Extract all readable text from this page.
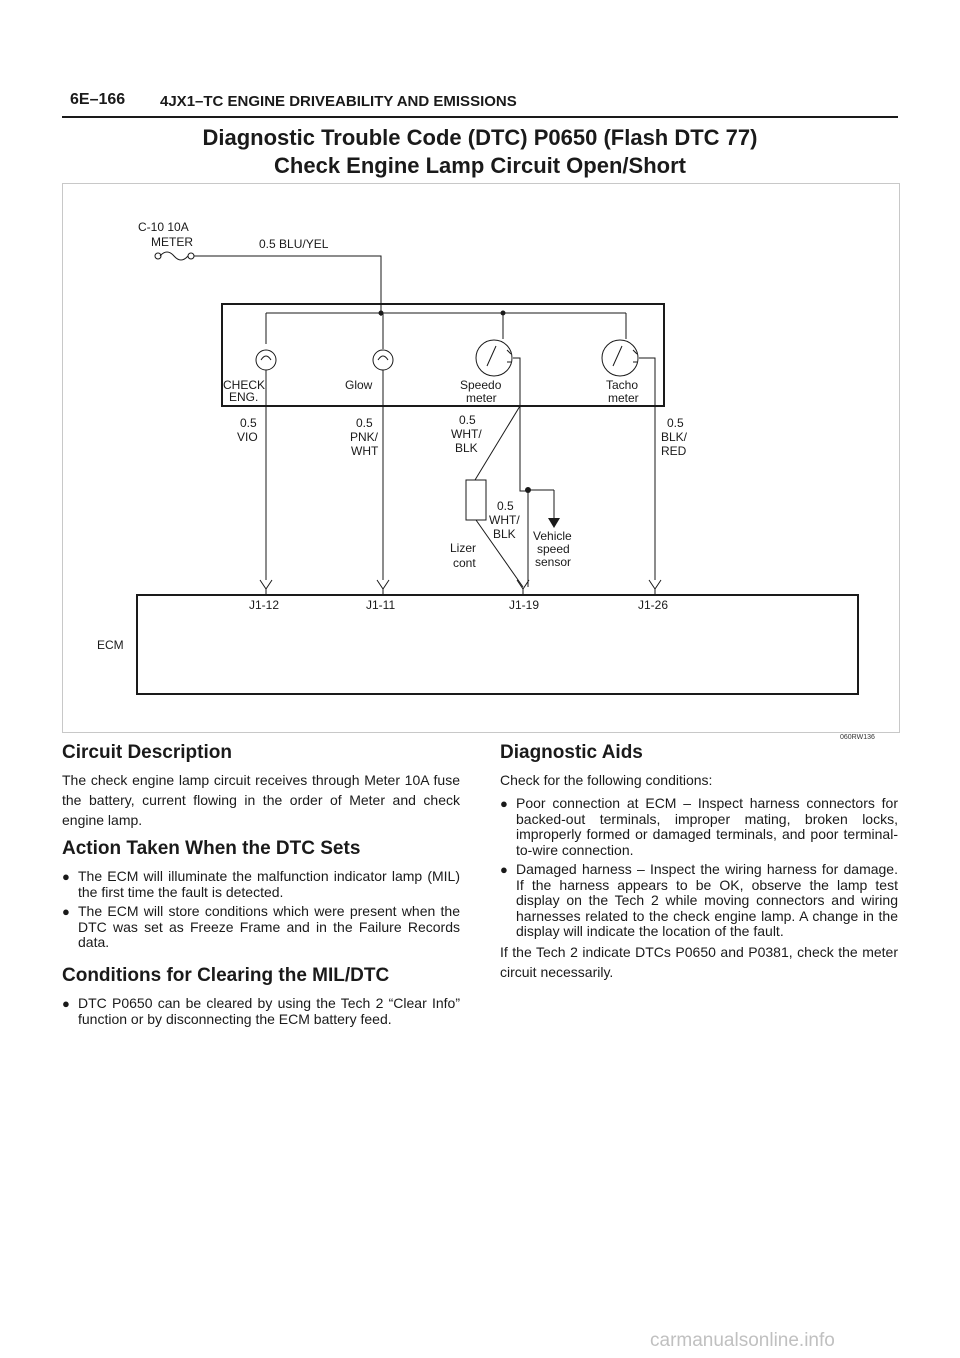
6E–166 4JX1–TC ENGINE DRIVEABILITY AND EMISSIONS
Diagnostic Trouble Code (DTC) P0650 (Flash DTC 77)
Check Engine Lamp Circuit Open/Short
C-10 10A
METER	0.5 BLU/YEL
CHECK
ENG.
Glow	Speedo
meter
Tacho
meter
0.5
VIO
0.5
PNK/
WHT
0.5
WHT/
BLK
0.5
BLK/
RED
0.5
WHT/
BLK
Lizer
cont
Vehicle
speed
sensor
J1-12	J1-11	J1-19	J1-26
ECM
060RW136
Circuit Description

The check engine lamp circuit receives through Meter 10A fuse the battery, current flowing in the order of Meter and check engine lamp.

Action Taken When the DTC Sets
● The ECM will illuminate the malfunction indicator lamp (MIL) the first time the fault is detected.
● The ECM will store conditions which were present when the DTC was set as Freeze Frame and in the Failure Records data.
Conditions for Clearing the MIL/DTC
● DTC P0650 can be cleared by using the Tech 2 “Clear Info” function or by disconnecting the ECM battery feed.
Diagnostic Aids

Check for the following conditions:

● Poor connection at ECM – Inspect harness connectors for backed-out terminals, improper mating, broken locks, improperly formed or damaged terminals, and poor terminal-to-wire connection.
● Damaged harness – Inspect the wiring harness for damage. If the harness appears to be OK, observe the lamp test display on the Tech 2 while moving connectors and wiring harnesses related to the check engine lamp. A change in the display will indicate the location of the fault.

If the Tech 2 indicate DTCs P0650 and P0381, check the meter circuit necessarily.

carmanualsonline.info
